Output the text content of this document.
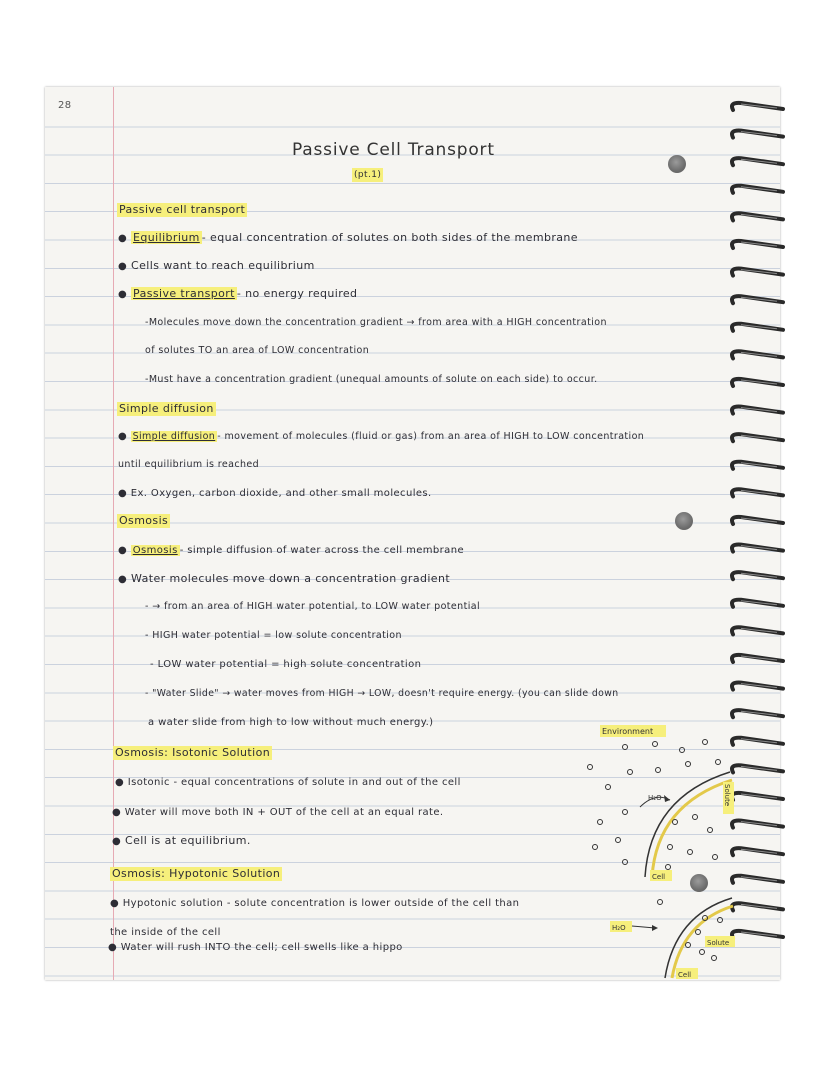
28
Passive Cell Transport
(pt.1)
Passive cell transport
● Equilibrium - equal concentration of solutes on both sides of the membrane
● Cells want to reach equilibrium
● Passive transport - no energy required
-Molecules move down the concentration gradient → from area with a HIGH concentration
of solutes TO an area of LOW concentration
-Must have a concentration gradient (unequal amounts of solute on each side) to occur.
Simple diffusion
● Simple diffusion - movement of molecules (fluid or gas) from an area of HIGH to LOW concentration
until equilibrium is reached
● Ex. Oxygen, carbon dioxide, and other small molecules.
Osmosis
● Osmosis - simple diffusion of water across the cell membrane
● Water molecules move down a concentration gradient
- → from an area of HIGH water potential, to LOW water potential
- HIGH water potential = low solute concentration
- LOW water potential = high solute concentration
- "Water Slide" → water moves from HIGH → LOW, doesn't require energy. (you can slide down
a water slide from high to low without much energy.)
Osmosis: Isotonic Solution
● Isotonic - equal concentrations of solute in and out of the cell
● Water will move both IN + OUT of the cell at an equal rate.
● Cell is at equilibrium.
Osmosis: Hypotonic Solution
● Hypotonic solution - solute concentration is lower outside of the cell than
the inside of the cell
● Water will rush INTO the cell; cell swells like a hippo
Environment
H₂O
Cell
Solute
H₂O
Solute
Cell
